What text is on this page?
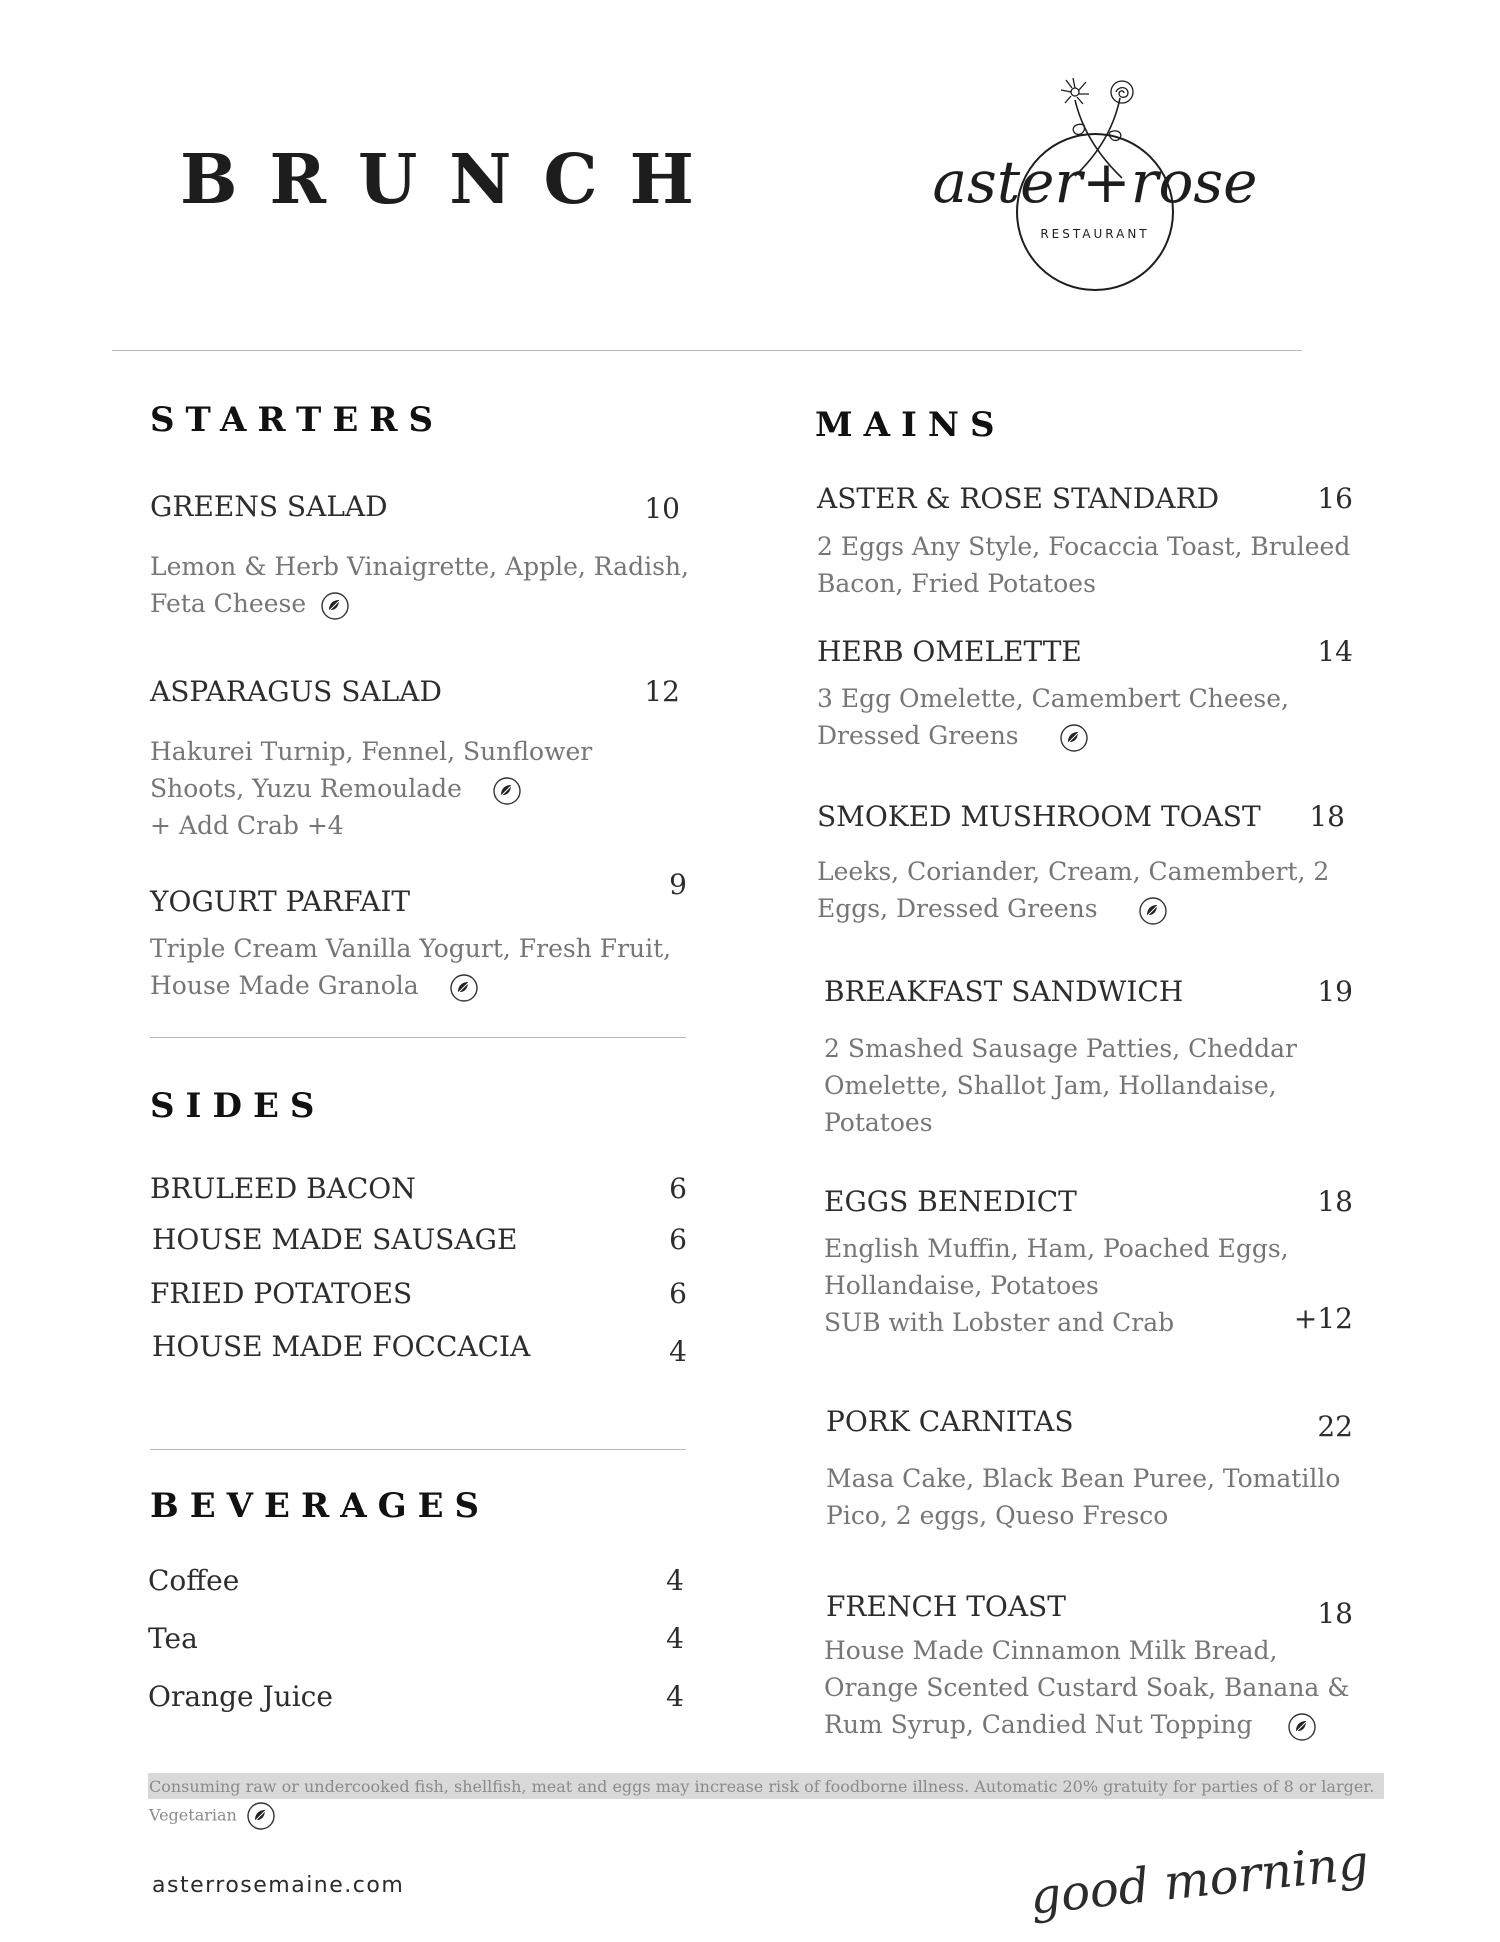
BRUNCH	aster+rose
RESTAURANT
STARTERS
GREENS SALAD	10
Lemon & Herb Vinaigrette, Apple, Radish,
Feta Cheese
ASPARAGUS SALAD	12
Hakurei Turnip, Fennel, Sunflower
Shoots, Yuzu Remoulade
+ Add Crab +4
YOGURT PARFAIT
9
Triple Cream Vanilla Yogurt, Fresh Fruit,
House Made Granola
SIDES
BRULEED BACON	6
HOUSE MADE SAUSAGE	6
FRIED POTATOES	6
HOUSE MADE FOCCACIA	4
BEVERAGES
Coffee	4
Tea	4
Orange Juice	4
MAINS
ASTER & ROSE STANDARD	16
2 Eggs Any Style, Focaccia Toast, Bruleed
Bacon, Fried Potatoes
HERB OMELETTE	14
3 Egg Omelette, Camembert Cheese,
Dressed Greens
SMOKED MUSHROOM TOAST	18
Leeks, Coriander, Cream, Camembert, 2
Eggs, Dressed Greens
BREAKFAST SANDWICH	19
2 Smashed Sausage Patties, Cheddar
Omelette, Shallot Jam, Hollandaise,
Potatoes
EGGS BENEDICT	18
English Muffin, Ham, Poached Eggs,
Hollandaise, Potatoes
SUB with Lobster and Crab	+12
PORK CARNITAS	22
Masa Cake, Black Bean Puree, Tomatillo
Pico, 2 eggs, Queso Fresco
FRENCH TOAST	18
House Made Cinnamon Milk Bread,
Orange Scented Custard Soak, Banana &
Rum Syrup, Candied Nut Topping
Consuming raw or undercooked fish, shellfish, meat and eggs may increase risk of foodborne illness. Automatic 20% gratuity for parties of 8 or larger.
Vegetarian
asterrosemaine.com	good morning
